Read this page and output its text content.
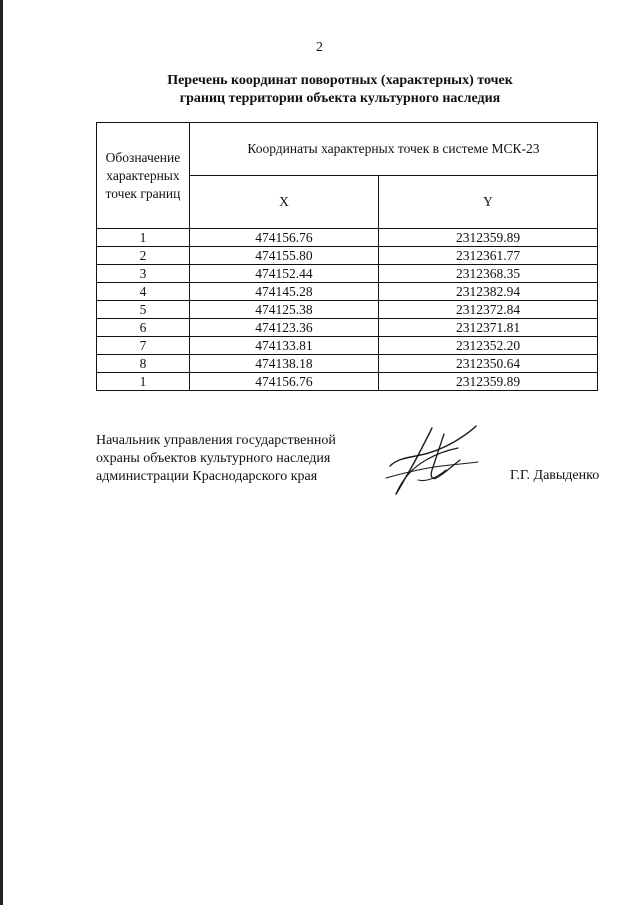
2
Перечень координат поворотных (характерных) точек
границ территории объекта культурного наследия
Обозначение
характерных
точек границ	Координаты характерных точек в системе МСК-23	
	X	Y
1	474156.76	2312359.89
2	474155.80	2312361.77
3	474152.44	2312368.35
4	474145.28	2312382.94
5	474125.38	2312372.84
6	474123.36	2312371.81
7	474133.81	2312352.20
8	474138.18	2312350.64
1	474156.76	2312359.89
Начальник управления государственной
охраны объектов культурного наследия
администрации Краснодарского края	Г.Г. Давыденко
